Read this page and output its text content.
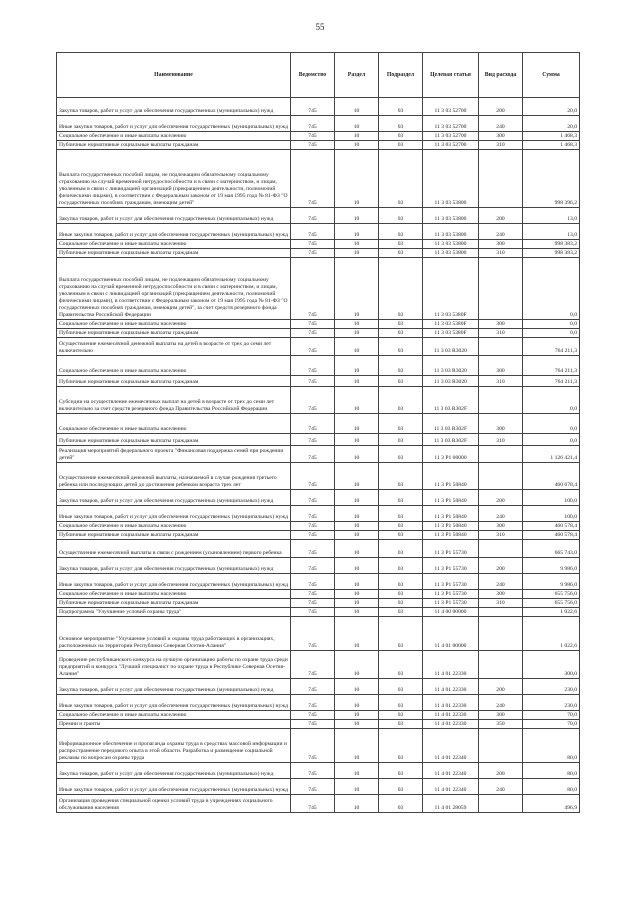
55
Наименование	Ведомство	Раздел	Подраздел	Целевая статья	Вид расхода	Сумма
Закупка товаров, работ и услуг для обеспечения государственных (муниципальных) нужд	745	10	03	11 3 03 52700	200	20,0
Иные закупки товаров, работ и услуг для обеспечения государственных (муниципальных) нужд	745	10	03	11 3 03 52700	240	20,0
Социальное обеспечение и иные выплаты населению	745	10	03	11 3 03 52700	300	1 468,3
Публичные нормативные социальные выплаты гражданам	745	10	03	11 3 03 52700	310	1 468,3
Выплата государственных пособий лицам, не подлежащим обязательному социальному страхованию на случай временной нетрудоспособности и в связи с материнством, и лицам, уволенным в связи с ликвидацией организаций (прекращением деятельности, полномочий физическими лицами), в соответствии с Федеральным законом от 19 мая 1995 года № 81-ФЗ "О государственных пособиях гражданам, имеющим детей"	745	10	03	11 3 03 53800		998 396,2
Закупка товаров, работ и услуг для обеспечения государственных (муниципальных) нужд	745	10	03	11 3 03 53800	200	13,0
Иные закупки товаров, работ и услуг для обеспечения государственных (муниципальных) нужд	745	10	03	11 3 03 53800	240	13,0
Социальное обеспечение и иные выплаты населению	745	10	03	11 3 03 53800	300	998 383,2
Публичные нормативные социальные выплаты гражданам	745	10	03	11 3 03 53800	310	998 383,2
Выплата государственных пособий лицам, не подлежащим обязательному социальному страхованию на случай временной нетрудоспособности и в связи с материнством, и лицам, уволенным в связи с ликвидацией организаций (прекращением деятельности, полномочий физическими лицами), в соответствии с Федеральным законом от 19 мая 1995 года № 81-ФЗ "О государственных пособиях гражданам, имеющим детей", за счет средств резервного фонда Правительства Российской Федерации	745	10	03	11 3 03 5380F		0,0
Социальное обеспечение и иные выплаты населению	745	10	03	11 3 03 5380F	300	0,0
Публичные нормативные социальные выплаты гражданам	745	10	03	11 3 03 5380F	310	0,0
Осуществление ежемесячной денежной выплаты на детей в возрасте от трех до семи лет включительно	745	10	03	11 3 03 R3020		764 211,3
Социальное обеспечение и иные выплаты населению	745	10	03	11 3 03 R3020	300	764 211,3
Публичные нормативные социальные выплаты гражданам	745	10	03	11 3 03 R3020	310	764 211,3
Субсидии на осуществление ежемесячных выплат на детей в возрасте от трех до семи лет включительно за счет средств резервного фонда Правительства Российской Федерации	745	10	03	11 3 03 R302F		0,0
Социальное обеспечение и иные выплаты населению	745	10	03	11 3 03 R302F	300	0,0
Публичные нормативные социальные выплаты гражданам	745	10	03	11 3 03 R302F	310	0,0
Реализация мероприятий федерального проекта "Финансовая поддержка семей при рождении детей"	745	10	03	11 3 P1 00000		1 126 421,4
Осуществление ежемесячной денежной выплаты, назначаемой в случае рождения третьего ребенка или последующих детей до достижения ребенком возраста трех лет	745	10	03	11 3 P1 50840		460 678,4
Закупка товаров, работ и услуг для обеспечения государственных (муниципальных) нужд	745	10	03	11 3 P1 50840	200	100,0
Иные закупки товаров, работ и услуг для обеспечения государственных (муниципальных) нужд	745	10	03	11 3 P1 50840	240	100,0
Социальное обеспечение и иные выплаты населению	745	10	03	11 3 P1 50840	300	460 578,4
Публичные нормативные социальные выплаты гражданам	745	10	03	11 3 P1 50840	310	460 578,4
Осуществление ежемесячной выплаты в связи с рождением (усыновлением) первого ребенка	745	10	03	11 3 P1 55730		665 743,0
Закупка товаров, работ и услуг для обеспечения государственных (муниципальных) нужд	745	10	03	11 3 P1 55730	200	9 986,0
Иные закупки товаров, работ и услуг для обеспечения государственных (муниципальных) нужд	745	10	03	11 3 P1 55730	240	9 986,0
Социальное обеспечение и иные выплаты населению	745	10	03	11 3 P1 55730	300	655 756,0
Публичные нормативные социальные выплаты гражданам	745	10	03	11 3 P1 55730	310	655 756,0
Подпрограмма "Улучшение условий охраны труда"	745	10	03	11 4 00 00000		1 022,6
Основное мероприятие "Улучшение условий и охраны труда работающих в организациях, расположенных на территории Республики Северная Осетия-Алания"	745	10	03	11 4 01 00000		1 022,6
Проведение республиканского конкурса на лучшую организацию работы по охране труда среди предприятий и конкурса "Лучший специалист по охране труда в Республике Северная Осетия-Алания"	745	10	03	11 4 01 22330		300,0
Закупка товаров, работ и услуг для обеспечения государственных (муниципальных) нужд	745	10	03	11 4 01 22330	200	230,0
Иные закупки товаров, работ и услуг для обеспечения государственных (муниципальных) нужд	745	10	03	11 4 01 22330	240	230,0
Социальное обеспечение и иные выплаты населению	745	10	03	11 4 01 22330	300	70,0
Премии и гранты	745	10	03	11 4 01 22330	350	70,0
Информационное обеспечение и пропаганда охраны труда в средствах массовой информации и распространение передового опыта в этой области. Разработка и размещение социальной рекламы по вопросам охраны труда	745	10	03	11 4 01 22340		80,0
Закупка товаров, работ и услуг для обеспечения государственных (муниципальных) нужд	745	10	03	11 4 01 22340	200	80,0
Иные закупки товаров, работ и услуг для обеспечения государственных (муниципальных) нужд	745	10	03	11 4 01 22340	240	80,0
Организация проведения специальной оценки условий труда в учреждениях социального обслуживания населения	745	10	03	11 4 01 28059		496,9
